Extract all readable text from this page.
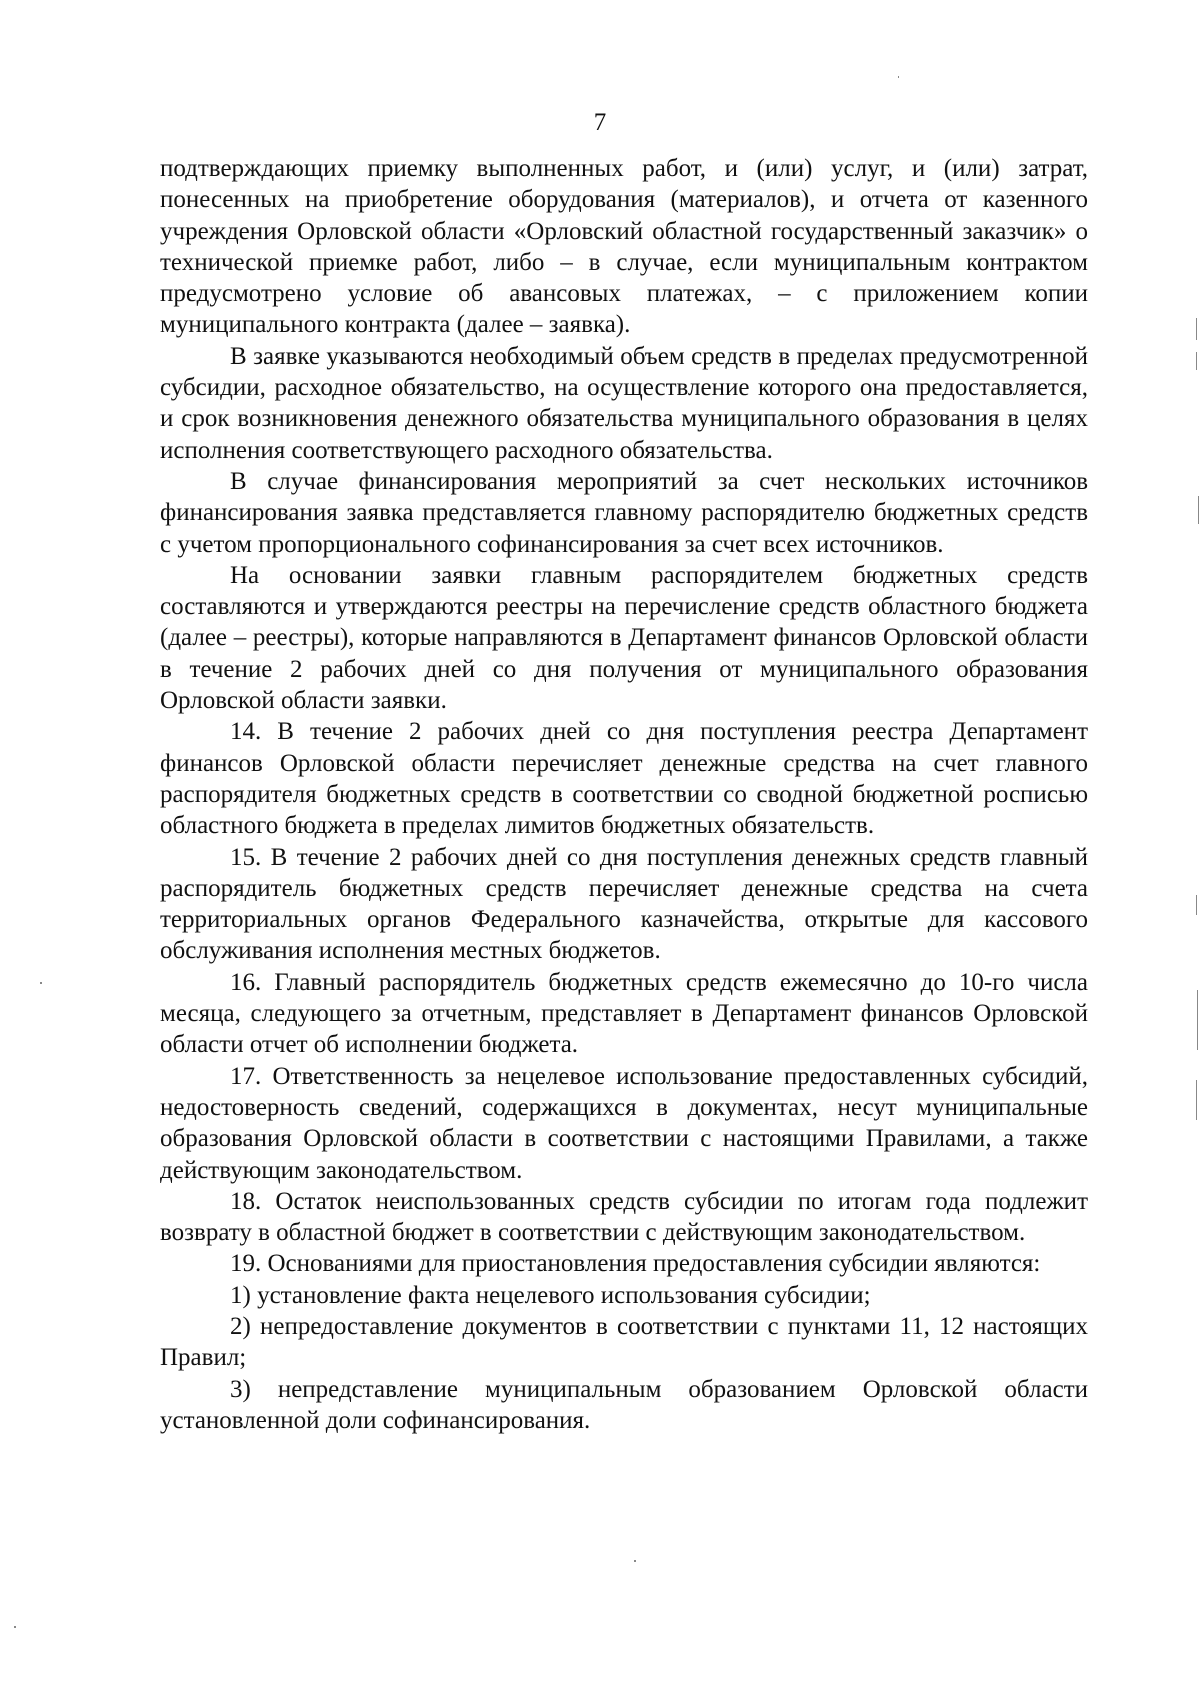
7

подтверждающих приемку выполненных работ, и (или) услуг, и (или) затрат, понесенных на приобретение оборудования (материалов), и отчета от казенного учреждения Орловской области «Орловский областной государственный заказчик» о технической приемке работ, либо – в случае, если муниципальным контрактом предусмотрено условие об авансовых платежах, – с приложением копии муниципального контракта (далее – заявка).

В заявке указываются необходимый объем средств в пределах предусмотренной субсидии, расходное обязательство, на осуществление которого она предоставляется, и срок возникновения денежного обязательства муниципального образования в целях исполнения соответствующего расходного обязательства.

В случае финансирования мероприятий за счет нескольких источников финансирования заявка представляется главному распорядителю бюджетных средств с учетом пропорционального софинансирования за счет всех источников.

На основании заявки главным распорядителем бюджетных средств составляются и утверждаются реестры на перечисление средств областного бюджета (далее – реестры), которые направляются в Департамент финансов Орловской области в течение 2 рабочих дней со дня получения от муниципального образования Орловской области заявки.

14. В течение 2 рабочих дней со дня поступления реестра Департамент финансов Орловской области перечисляет денежные средства на счет главного распорядителя бюджетных средств в соответствии со сводной бюджетной росписью областного бюджета в пределах лимитов бюджетных обязательств.

15. В течение 2 рабочих дней со дня поступления денежных средств главный распорядитель бюджетных средств перечисляет денежные средства на счета территориальных органов Федерального казначейства, открытые для кассового обслуживания исполнения местных бюджетов.

16. Главный распорядитель бюджетных средств ежемесячно до 10-го числа месяца, следующего за отчетным, представляет в Департамент финансов Орловской области отчет об исполнении бюджета.

17. Ответственность за нецелевое использование предоставленных субсидий, недостоверность сведений, содержащихся в документах, несут муниципальные образования Орловской области в соответствии с настоящими Правилами, а также действующим законодательством.

18. Остаток неиспользованных средств субсидии по итогам года подлежит возврату в областной бюджет в соответствии с действующим законодательством.

19. Основаниями для приостановления предоставления субсидии являются:

1) установление факта нецелевого использования субсидии;

2) непредоставление документов в соответствии с пунктами 11, 12 настоящих Правил;

3) непредставление муниципальным образованием Орловской области установленной доли софинансирования.
